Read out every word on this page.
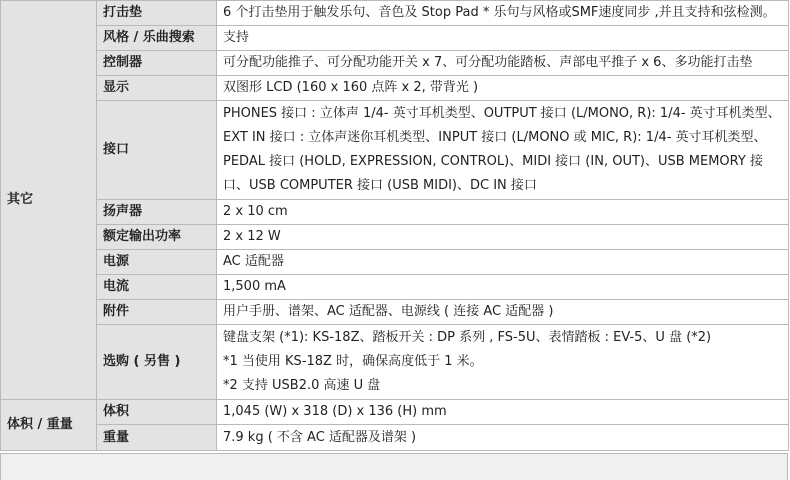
其它	打击垫	6 个打击垫用于触发乐句、音色及 Stop Pad * 乐句与风格或SMF速度同步 ,并且支持和弦检测。
	风格 / 乐曲搜索	支持
	控制器	可分配功能推子、可分配功能开关 x 7、可分配功能踏板、声部电平推子 x 6、多功能打击垫
	显示	双图形 LCD (160 x 160 点阵 x 2, 带背光 )
	接口	PHONES 接口 : 立体声 1/4- 英寸耳机类型、OUTPUT 接口 (L/MONO, R): 1/4- 英寸耳机类型、
EXT IN 接口 : 立体声迷你耳机类型、INPUT 接口 (L/MONO 或 MIC, R): 1/4- 英寸耳机类型、
PEDAL 接口 (HOLD, EXPRESSION, CONTROL)、MIDI 接口 (IN, OUT)、USB MEMORY 接
口、USB COMPUTER 接口 (USB MIDI)、DC IN 接口

	扬声器	2 x 10 cm
	额定输出功率	2 x 12 W
	电源	AC 适配器
	电流	1,500 mA
	附件	用户手册、谱架、AC 适配器、电源线 ( 连接 AC 适配器 )
	选购 ( 另售 )	键盘支架 (*1): KS-18Z、踏板开关 : DP 系列 , FS-5U、表情踏板 : EV-5、U 盘 (*2)
*1 当使用 KS-18Z 时，确保高度低于 1 米。
*2 支持 USB2.0 高速 U 盘

体积 / 重量	体积	1,045 (W) x 318 (D) x 136 (H) mm
	重量	7.9 kg ( 不含 AC 适配器及谱架 )
